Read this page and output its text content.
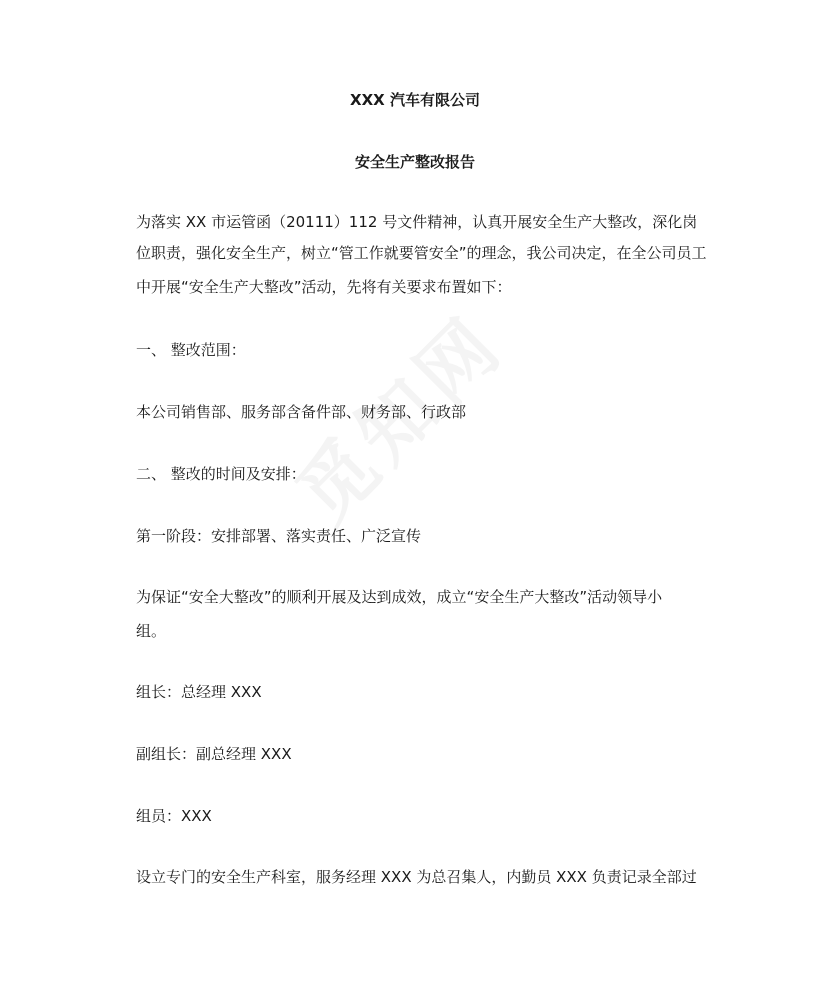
XXX 汽车有限公司
安全生产整改报告
为落实 XX 市运管函（20111）112 号文件精神，认真开展安全生产大整改，深化岗
位职责，强化安全生产，树立“管工作就要管安全”的理念，我公司决定，在全公司员工
中开展“安全生产大整改”活动，先将有关要求布置如下：
一、 整改范围：
本公司销售部、服务部含备件部、财务部、行政部
二、 整改的时间及安排：
第一阶段：安排部署、落实责任、广泛宣传
为保证“安全大整改”的顺利开展及达到成效，成立“安全生产大整改”活动领导小
组。
组长：总经理 XXX
副组长：副总经理 XXX
组员：XXX
设立专门的安全生产科室，服务经理 XXX 为总召集人，内勤员 XXX 负责记录全部过
